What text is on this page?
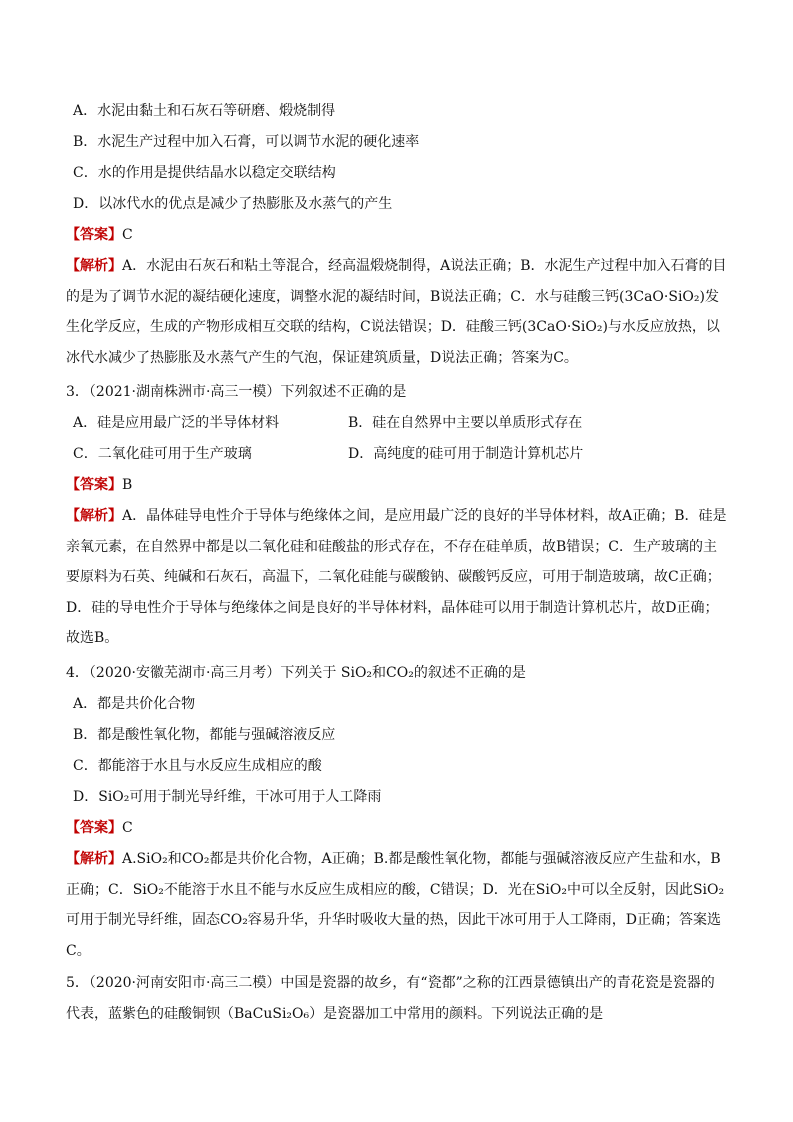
A．水泥由黏土和石灰石等研磨、煅烧制得
B．水泥生产过程中加入石膏，可以调节水泥的硬化速率
C．水的作用是提供结晶水以稳定交联结构
D．以冰代水的优点是减少了热膨胀及水蒸气的产生
【答案】C
【解析】A．水泥由石灰石和粘土等混合，经高温煅烧制得，A说法正确；B．水泥生产过程中加入石膏的目的是为了调节水泥的凝结硬化速度，调整水泥的凝结时间，B说法正确；C．水与硅酸三钙(3CaO·SiO₂)发生化学反应，生成的产物形成相互交联的结构，C说法错误；D．硅酸三钙(3CaO·SiO₂)与水反应放热，以冰代水减少了热膨胀及水蒸气产生的气泡，保证建筑质量，D说法正确；答案为C。
3．（2021·湖南株洲市·高三一模）下列叙述不正确的是
A．硅是应用最广泛的半导体材料	B．硅在自然界中主要以单质形式存在
C．二氧化硅可用于生产玻璃	D．高纯度的硅可用于制造计算机芯片
【答案】B
【解析】A．晶体硅导电性介于导体与绝缘体之间，是应用最广泛的良好的半导体材料，故A正确；B．硅是亲氧元素，在自然界中都是以二氧化硅和硅酸盐的形式存在，不存在硅单质，故B错误；C．生产玻璃的主要原料为石英、纯碱和石灰石，高温下，二氧化硅能与碳酸钠、碳酸钙反应，可用于制造玻璃，故C正确；D．硅的导电性介于导体与绝缘体之间是良好的半导体材料，晶体硅可以用于制造计算机芯片，故D正确；故选B。
4．（2020·安徽芜湖市·高三月考）下列关于 SiO₂和CO₂的叙述不正确的是
A．都是共价化合物
B．都是酸性氧化物，都能与强碱溶液反应
C．都能溶于水且与水反应生成相应的酸
D．SiO₂可用于制光导纤维，干冰可用于人工降雨
【答案】C
【解析】A.SiO₂和CO₂都是共价化合物，A正确；B.都是酸性氧化物，都能与强碱溶液反应产生盐和水，B正确；C．SiO₂不能溶于水且不能与水反应生成相应的酸，C错误；D．光在SiO₂中可以全反射，因此SiO₂可用于制光导纤维，固态CO₂容易升华，升华时吸收大量的热，因此干冰可用于人工降雨，D正确；答案选C。
5．（2020·河南安阳市·高三二模）中国是瓷器的故乡，有“瓷都”之称的江西景德镇出产的青花瓷是瓷器的代表，蓝紫色的硅酸铜钡（BaCuSi₂O₆）是瓷器加工中常用的颜料。下列说法正确的是
